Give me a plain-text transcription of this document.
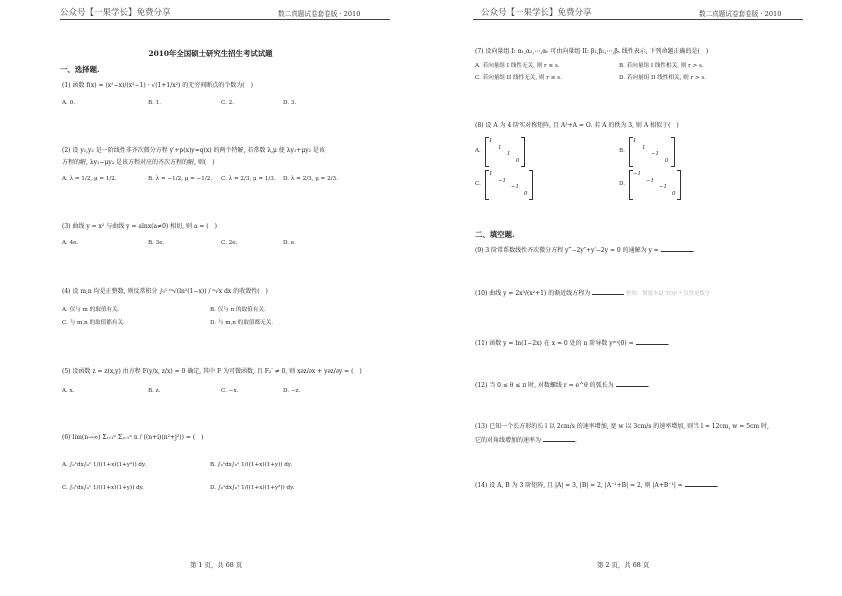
公众号【一果学长】免费分享	数二真题试卷套卷版 · 2010
2010年全国硕士研究生招生考试试题
一、选择题.
(1) 函数 f(x) = (x²−x)/(x²−1) · √(1+1/x²) 的无穷间断点的个数为(　)
A. 0.	B. 1.	C. 2.	D. 3.
(2) 设 y₁,y₂ 是一阶线性非齐次微分方程 y′+p(x)y=q(x) 的两个特解, 若常数 λ,μ 使 λy₁+μy₂ 是该
方程的解, λy₁−μy₂ 是该方程对应的齐次方程的解, 则(　)
A. λ = 1/2, μ = 1/2.	B. λ = −1/2, μ = −1/2. C. λ = 2/3, μ = 1/3. D. λ = 2/3, μ = 2/3.
(3) 曲线 y = x² 与曲线 y = alnx(a≠0) 相切, 则 a = (　)
A. 4e.	B. 3e.	C. 2e.	D. e.
(4) 设 m,n 均是正整数, 则反常积分 ∫₀¹ ᵐ√(ln²(1−x)) / ⁿ√x dx 的收敛性(　)
A. 仅与 m 的取值有关.	B. 仅与 n 的取值有关.
C. 与 m,n 的取值都有关.	D. 与 m,n 的取值都无关.
(5) 设函数 z = z(x,y) 由方程 F(y/x, z/x) = 0 确定, 其中 F 为可微函数, 且 F₂′ ≠ 0, 则 x∂z/∂x + y∂z/∂y = (　)
A. x.	B. z.	C. −x.	D. −z.
(6) lim(n→∞) Σᵢ₌₁ⁿ Σⱼ₌₁ⁿ n / ((n+i)(n²+j²)) = (　)
A. ∫₀¹dx∫₀ˣ 1/((1+x)(1+y²)) dy.	B. ∫₀¹dx∫₀ˣ 1/((1+x)(1+y)) dy.
C. ∫₀¹dx∫₀¹ 1/((1+x)(1+y)) dy.	D. ∫₀¹dx∫₀¹ 1/((1+x)(1+y²)) dy.
第 1 页，共 68 页
公众号【一果学长】免费分享	数二真题试卷套卷版 · 2010
(7) 设向量组 I: α₁,α₂,⋯,αᵣ 可由向量组 II: β₁,β₂,⋯,βₛ 线性表示, 下列命题正确的是(　)
A. 若向量组 I 线性无关, 则 r ≤ s.	B. 若向量组 I 线性相关, 则 r > s.
C. 若向量组 II 线性无关, 则 r ≤ s.	D. 若向量组 II 线性相关, 则 r > s.
(8) 设 A 为 4 阶实对称矩阵, 且 A²+A = O. 若 A 的秩为 3, 则 A 相似于(　)
A.
1
1
1
0
B.
1
1
−1
0
C.
1
−1
−1
0
D.
−1
−1
−1
0
二、填空题.
(9) 3 阶常系数线性齐次微分方程 y‴−2y″+y′−2y = 0 的通解为 y =	.
(10) 曲线 y = 2x³/(x²+1) 的渐近线方程为	整理：微题本最 TOP * 设置更数学
(11) 函数 y = ln(1−2x) 在 x = 0 处的 n 阶导数 y⁽ⁿ⁾(0) =	.
(12) 当 0 ≤ θ ≤ π 时, 对数螺线 r = e^θ 的弧长为	.
(13) 已知一个长方形的长 l 以 2cm/s 的速率增加, 宽 w 以 3cm/s 的速率增加, 则当 l = 12cm, w = 5cm 时,
它的对角线增加的速率为	.
(14) 设 A, B 为 3 阶矩阵, 且 |A| = 3, |B| = 2, |A⁻¹+B| = 2, 则 |A+B⁻¹| =	.
第 2 页，共 68 页
